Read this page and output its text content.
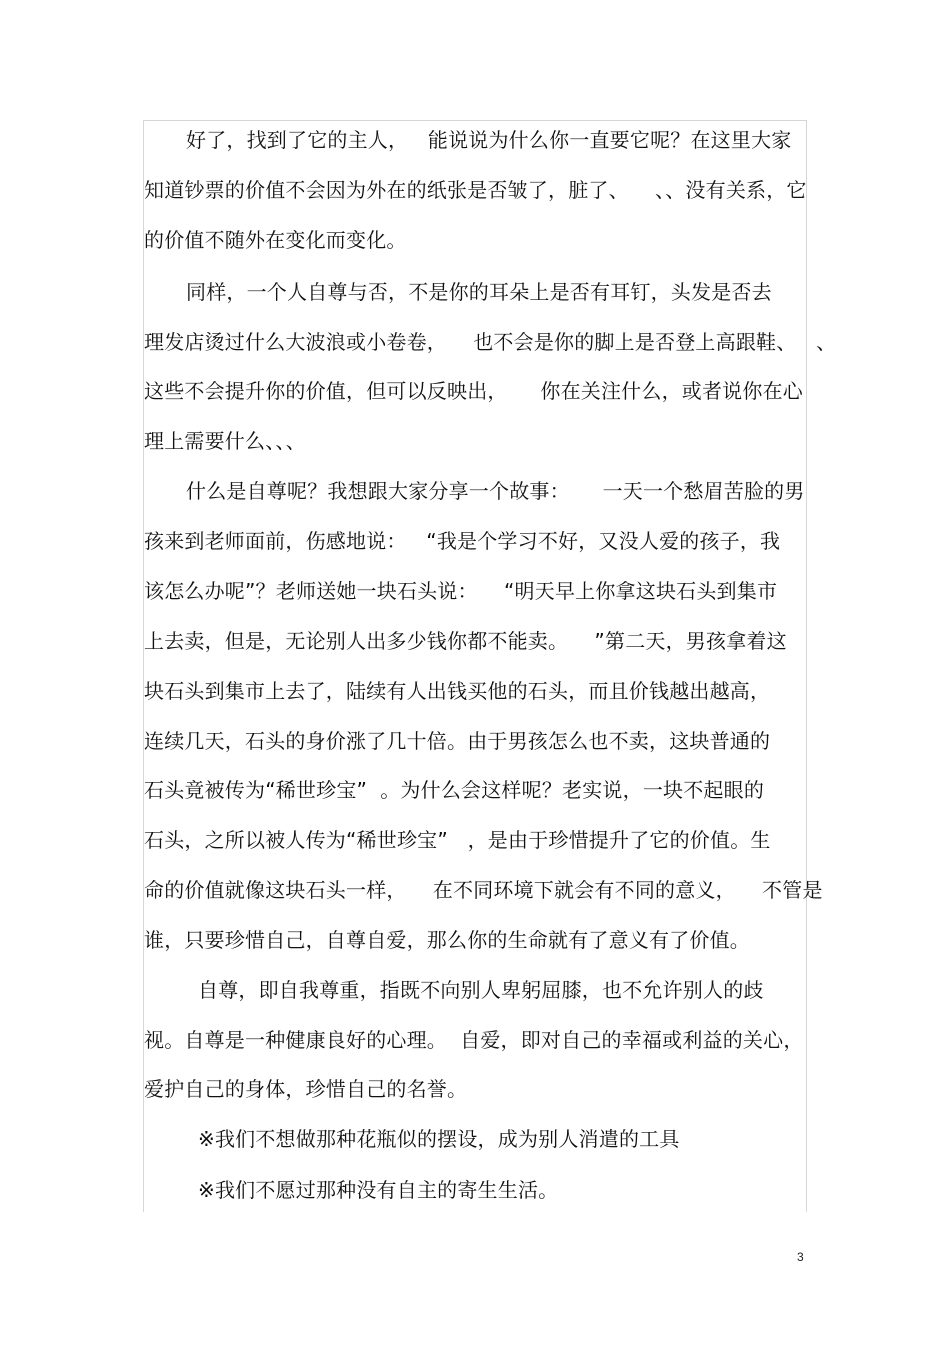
好了，找到了它的主人，   能说说为什么你一直要它呢？在这里大家
知道钞票的价值不会因为外在的纸张是否皱了，脏了、    、、没有关系，它
的价值不随外在变化而变化。
同样，一个人自尊与否，不是你的耳朵上是否有耳钉，头发是否去
理发店烫过什么大波浪或小卷卷，    也不会是你的脚上是否登上高跟鞋、   、
这些不会提升你的价值，但可以反映出，     你在关注什么，或者说你在心
理上需要什么、、、
什么是自尊呢？我想跟大家分享一个故事：     一天一个愁眉苦脸的男
孩来到老师面前，伤感地说：   “我是个学习不好，又没人爱的孩子，我
该怎么办呢”？老师送她一块石头说：    “明天早上你拿这块石头到集市
上去卖，但是，无论别人出多少钱你都不能卖。    ”第二天，男孩拿着这
块石头到集市上去了，陆续有人出钱买他的石头，而且价钱越出越高，
连续几天，石头的身价涨了几十倍。由于男孩怎么也不卖，这块普通的
石头竟被传为“稀世珍宝”  。为什么会这样呢？老实说，一块不起眼的
石头，之所以被人传为“稀世珍宝”   ，是由于珍惜提升了它的价值。生
命的价值就像这块石头一样，    在不同环境下就会有不同的意义，    不管是
谁，只要珍惜自己，自尊自爱，那么你的生命就有了意义有了价值。
自尊，即自我尊重，指既不向别人卑躬屈膝，也不允许别人的歧
视。自尊是一种健康良好的心理。  自爱，即对自己的幸福或利益的关心，
爱护自己的身体，珍惜自己的名誉。
※我们不想做那种花瓶似的摆设，成为别人消遣的工具
※我们不愿过那种没有自主的寄生生活。
3
